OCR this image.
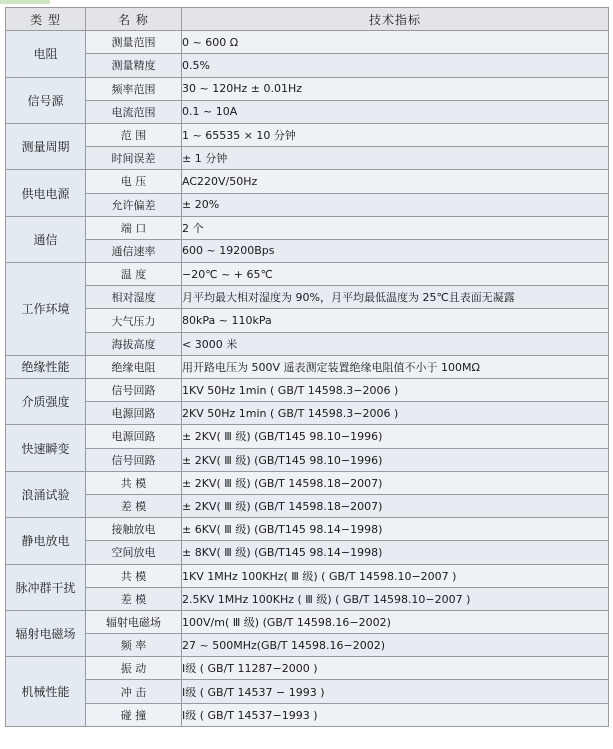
类 型	名 称	技术指标
电阻	测量范围	0 ~ 600 Ω
	测量精度	0.5%
信号源	频率范围	30 ~ 120Hz ± 0.01Hz
	电流范围	0.1 ~ 10A
测量周期	范 围	1 ~ 65535 × 10 分钟
	时间误差	± 1 分钟
供电电源	电 压	AC220V/50Hz
	允许偏差	± 20%
通信	端 口	2 个
	通信速率	600 ~ 19200Bps
工作环境	温 度	−20℃ ~ + 65℃
	相对湿度	月平均最大相对湿度为 90%，月平均最低温度为 25℃且表面无凝露
	大气压力	80kPa ~ 110kPa
	海拔高度	< 3000 米
绝缘性能	绝缘电阻	用开路电压为 500V 遥表测定装置绝缘电阻值不小于 100MΩ
介质强度	信号回路	1KV 50Hz 1min ( GB/T 14598.3−2006 )
	电源回路	2KV 50Hz 1min ( GB/T 14598.3−2006 )
快速瞬变	电源回路	± 2KV( Ⅲ 级) (GB/T145 98.10−1996)
	信号回路	± 2KV( Ⅲ 级) (GB/T145 98.10−1996)
浪涌试验	共 模	± 2KV( Ⅲ 级) (GB/T 14598.18−2007)
	差 模	± 2KV( Ⅲ 级) (GB/T 14598.18−2007)
静电放电	接触放电	± 6KV( Ⅲ 级) (GB/T145 98.14−1998)
	空间放电	± 8KV( Ⅲ 级) (GB/T145 98.14−1998)
脉冲群干扰	共 模	1KV 1MHz 100KHz( Ⅲ 级) ( GB/T 14598.10−2007 )
	差 模	2.5KV 1MHz 100KHz ( Ⅲ 级) ( GB/T 14598.10−2007 )
辐射电磁场	辐射电磁场	100V/m( Ⅲ 级) (GB/T 14598.16−2002)
	频 率	27 ~ 500MHz(GB/T 14598.16−2002)
机械性能	振 动	Ⅰ级 ( GB/T 11287−2000 )
	冲 击	Ⅰ级 ( GB/T 14537 − 1993 )
	碰 撞	Ⅰ级 ( GB/T 14537−1993 )
